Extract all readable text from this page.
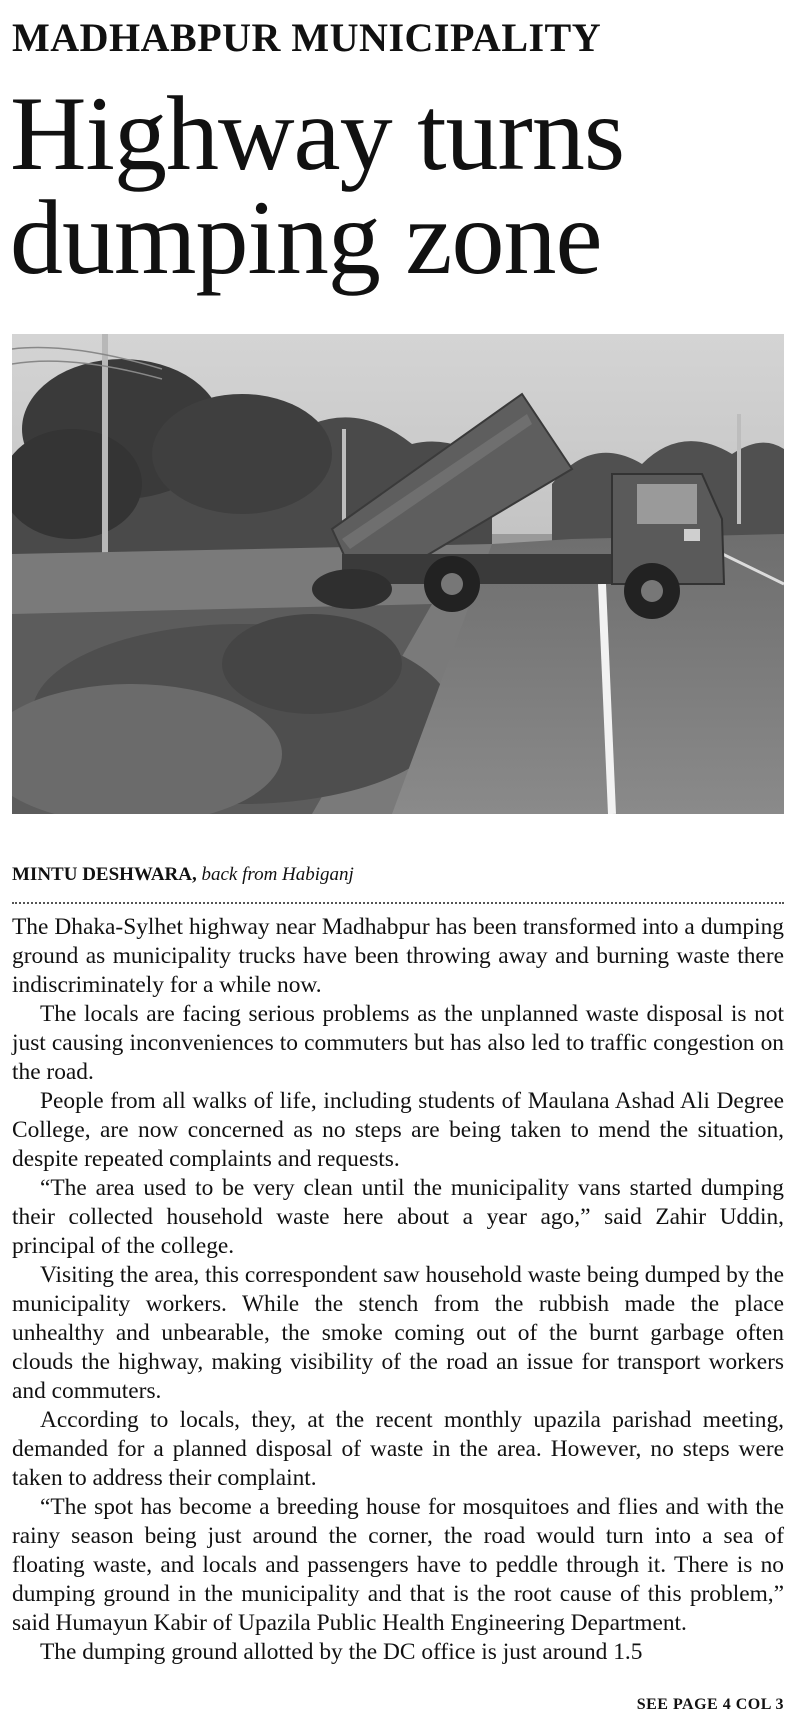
MADHABPUR MUNICIPALITY
Highway turns dumping zone
MINTU DESHWARA, back from Habiganj

The Dhaka-Sylhet highway near Madhabpur has been transformed into a dumping ground as municipality trucks have been throwing away and burning waste there indiscriminately for a while now.

The locals are facing serious problems as the unplanned waste disposal is not just causing inconveniences to commuters but has also led to traffic congestion on the road.

People from all walks of life, including students of Maulana Ashad Ali Degree College, are now concerned as no steps are being taken to mend the situation, despite repeated complaints and requests.

“The area used to be very clean until the municipality vans started dumping their collected household waste here about a year ago,” said Zahir Uddin, principal of the college.

Visiting the area, this correspondent saw household waste being dumped by the municipality workers. While the stench from the rubbish made the place unhealthy and unbearable, the smoke coming out of the burnt garbage often clouds the highway, making visibility of the road an issue for transport workers and commuters.

According to locals, they, at the recent monthly upazila parishad meeting, demanded for a planned disposal of waste in the area. However, no steps were taken to address their complaint.

“The spot has become a breeding house for mosquitoes and flies and with the rainy season being just around the corner, the road would turn into a sea of floating waste, and locals and passengers have to peddle through it. There is no dumping ground in the municipality and that is the root cause of this problem,” said Humayun Kabir of Upazila Public Health Engineering Department.

The dumping ground allotted by the DC office is just around 1.5

SEE PAGE 4 COL 3
